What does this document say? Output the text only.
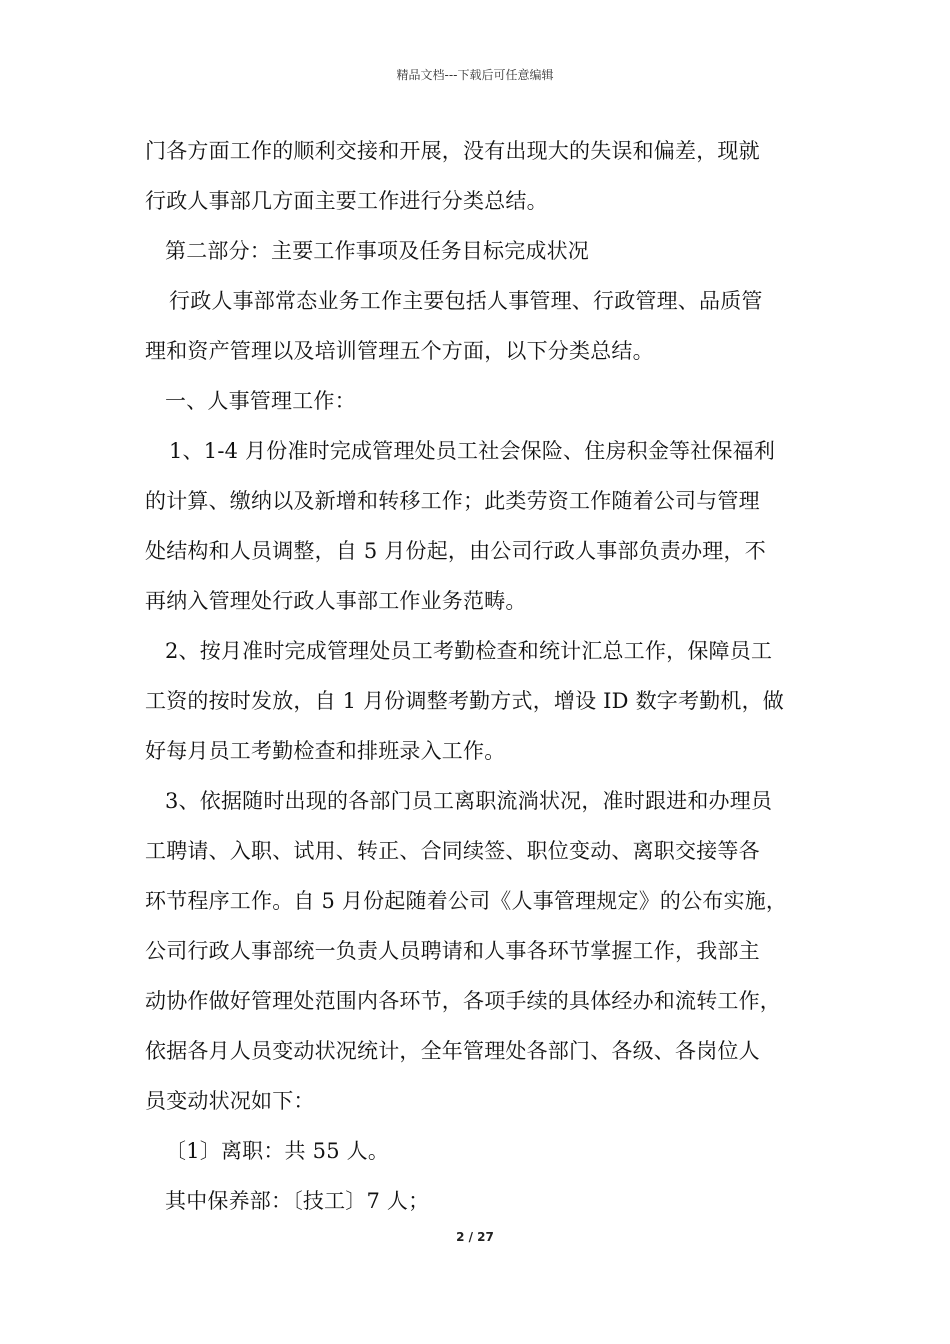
精品文档---下载后可任意编辑
门各方面工作的顺利交接和开展，没有出现大的失误和偏差，现就
行政人事部几方面主要工作进行分类总结。
第二部分：主要工作事项及任务目标完成状况
行政人事部常态业务工作主要包括人事管理、行政管理、品质管
理和资产管理以及培训管理五个方面，以下分类总结。
一、人事管理工作：
1、1-4 月份准时完成管理处员工社会保险、住房积金等社保福利
的计算、缴纳以及新增和转移工作；此类劳资工作随着公司与管理
处结构和人员调整，自 5 月份起，由公司行政人事部负责办理，不
再纳入管理处行政人事部工作业务范畴。
2、按月准时完成管理处员工考勤检查和统计汇总工作，保障员工
工资的按时发放，自 1 月份调整考勤方式，增设 ID 数字考勤机，做
好每月员工考勤检查和排班录入工作。
3、依据随时出现的各部门员工离职流淌状况，准时跟进和办理员
工聘请、入职、试用、转正、合同续签、职位变动、离职交接等各
环节程序工作。自 5 月份起随着公司《人事管理规定》的公布实施，
公司行政人事部统一负责人员聘请和人事各环节掌握工作，我部主
动协作做好管理处范围内各环节，各项手续的具体经办和流转工作，
依据各月人员变动状况统计，全年管理处各部门、各级、各岗位人
员变动状况如下：
〔1〕离职：共 55 人。
其中保养部：〔技工〕7 人；
2 / 27
